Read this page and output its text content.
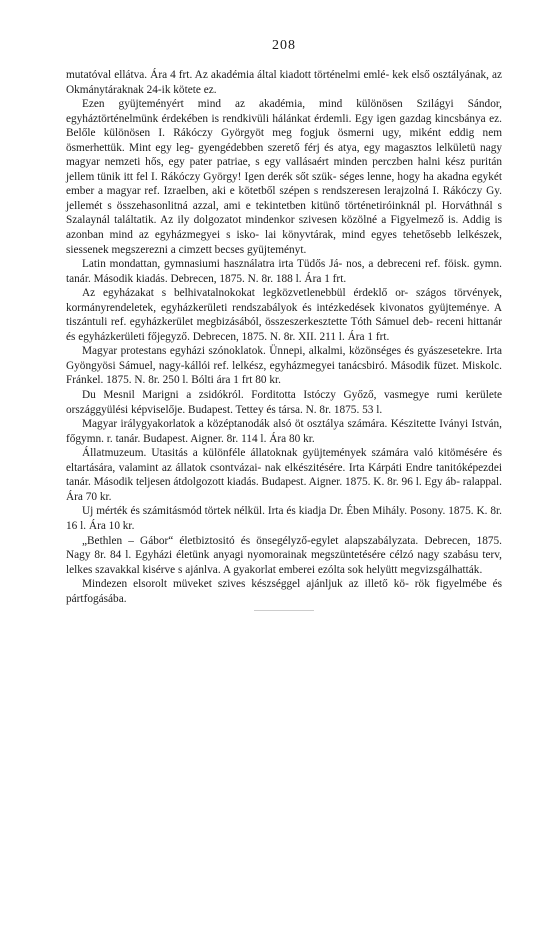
208

mutatóval ellátva. Ára 4 frt. Az akadémia által kiadott történelmi emlé- kek első osztályának, az Okmánytáraknak 24-ik kötete ez.

Ezen gyüjteményért mind az akadémia, mind különösen Szilágyi Sándor, egyháztörténelmünk érdekében is rendkivüli hálánkat érdemli. Egy igen gazdag kincsbánya ez. Belőle különösen I. Rákóczy Györgyöt meg fogjuk ösmerni ugy, miként eddig nem ösmerhettük. Mint egy leg- gyengédebben szerető férj és atya, egy magasztos lelkületü nagy magyar nemzeti hős, egy pater patriae, s egy vallásaért minden perczben halni kész puritán jellem tünik itt fel I. Rákóczy György! Igen derék sőt szük- séges lenne, hogy ha akadna egykét ember a magyar ref. Izraelben, aki e kötetből szépen s rendszeresen lerajzolná I. Rákóczy Gy. jellemét s összehasonlitná azzal, ami e tekintetben kitünő történetiróinknál pl. Horváthnál s Szalaynál találtatik. Az ily dolgozatot mindenkor szivesen közölné a Figyelmező is. Addig is azonban mind az egyházmegyei s isko- lai könyvtárak, mind egyes tehetősebb lelkészek, siessenek megszerezni a cimzett becses gyüjteményt.

Latin mondattan, gymnasiumi használatra irta Tüdős Já- nos, a debreceni ref. föisk. gymn. tanár. Második kiadás. Debrecen, 1875. N. 8r. 188 l. Ára 1 frt.

Az egyházakat s belhivatalnokokat legközvetlenebbül érdeklő or- szágos törvények, kormányrendeletek, egyházkerületi rendszabályok és intézkedések kivonatos gyüjteménye. A tiszántuli ref. egyházkerület megbizásából, összeszerkesztette Tóth Sámuel deb- receni hittanár és egyházkerületi főjegyző. Debrecen, 1875. N. 8r. XII. 211 l. Ára 1 frt.

Magyar protestans egyházi szónoklatok. Ünnepi, alkalmi, közönséges és gyászesetekre. Irta Gyöngyösi Sámuel, nagy-kállói ref. lelkész, egyházmegyei tanácsbiró. Második füzet. Miskolc. Fránkel. 1875. N. 8r. 250 l. Bólti ára 1 frt 80 kr.

Du Mesnil Marigni a zsidókról. Forditotta Istóczy Győző, vasmegye rumi kerülete országgyülési képviselője. Budapest. Tettey és társa. N. 8r. 1875. 53 l.

Magyar irálygyakorlatok a középtanodák alsó öt osztálya számára. Készitette Iványi István, főgymn. r. tanár. Budapest. Aigner. 8r. 114 l. Ára 80 kr.

Állatmuzeum. Utasitás a különféle állatoknak gyüjtemények számára való kitömésére és eltartására, valamint az állatok csontvázai- nak elkészitésére. Irta Kárpáti Endre tanitóképezdei tanár. Második teljesen átdolgozott kiadás. Budapest. Aigner. 1875. K. 8r. 96 l. Egy áb- ralappal. Ára 70 kr.

Uj mérték és számitásmód törtek nélkül. Irta és kiadja Dr. Ében Mihály. Posony. 1875. K. 8r. 16 l. Ára 10 kr.

„Bethlen – Gábor“ életbiztositó és önsegélyző-egylet alapszabályzata. Debrecen, 1875. Nagy 8r. 84 l. Egyházi életünk anyagi nyomorainak megszüntetésére célzó nagy szabásu terv, lelkes szavakkal kisérve s ajánlva. A gyakorlat emberei ezólta sok helyütt megvizsgálhatták.

Mindezen elsorolt müveket szives készséggel ajánljuk az illető kö- rök figyelmébe és pártfogásába.
